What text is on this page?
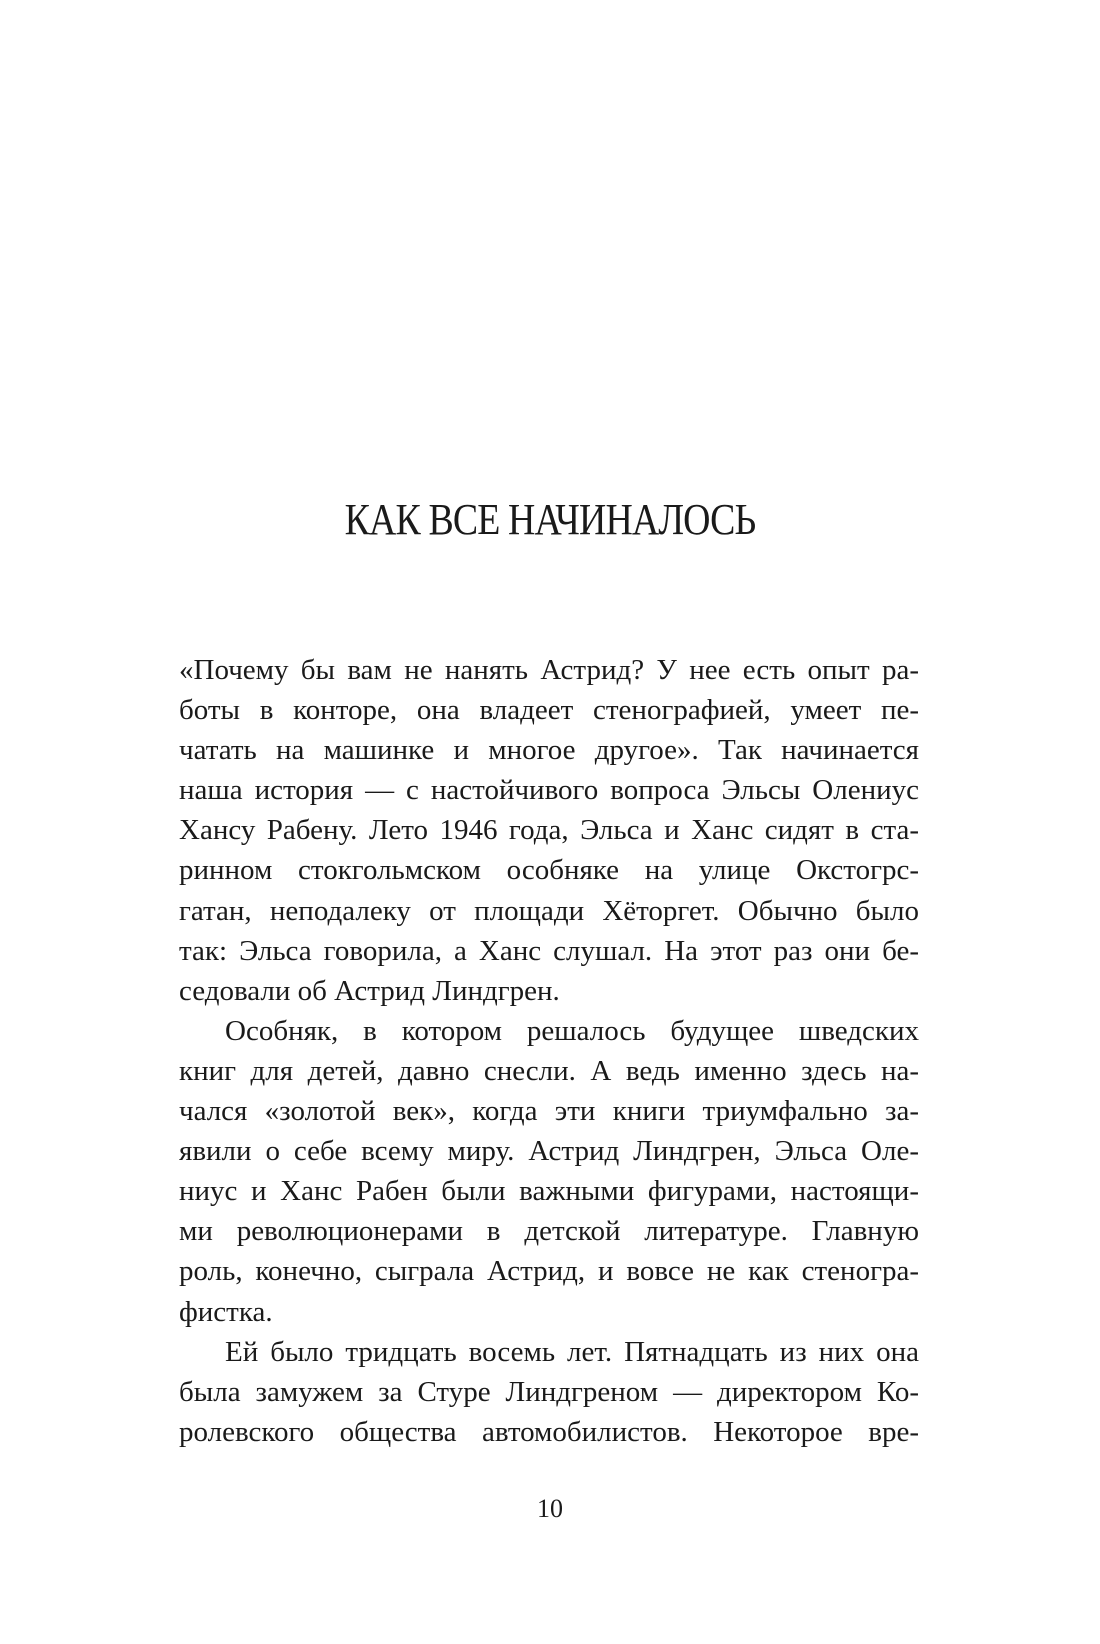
КАК ВСЕ НАЧИНАЛОСЬ
«Почему бы вам не нанять Астрид? У нее есть опыт ра-
боты в конторе, она владеет стенографией, умеет пе-
чатать на машинке и многое другое». Так начинается
наша история — с настойчивого вопроса Эльсы Олениус
Хансу Рабену. Лето 1946 года, Эльса и Ханс сидят в ста-
ринном стокгольмском особняке на улице Окстогрс-
гатан, неподалеку от площади Хёторгет. Обычно было
так: Эльса говорила, а Ханс слушал. На этот раз они бе-
седовали об Астрид Линдгрен.
Особняк, в котором решалось будущее шведских
книг для детей, давно снесли. А ведь именно здесь на-
чался «золотой век», когда эти книги триумфально за-
явили о себе всему миру. Астрид Линдгрен, Эльса Оле-
ниус и Ханс Рабен были важными фигурами, настоящи-
ми революционерами в детской литературе. Главную
роль, конечно, сыграла Астрид, и вовсе не как стеногра-
фистка.
Ей было тридцать восемь лет. Пятнадцать из них она
была замужем за Стуре Линдгреном — директором Ко-
ролевского общества автомобилистов. Некоторое вре-
10
